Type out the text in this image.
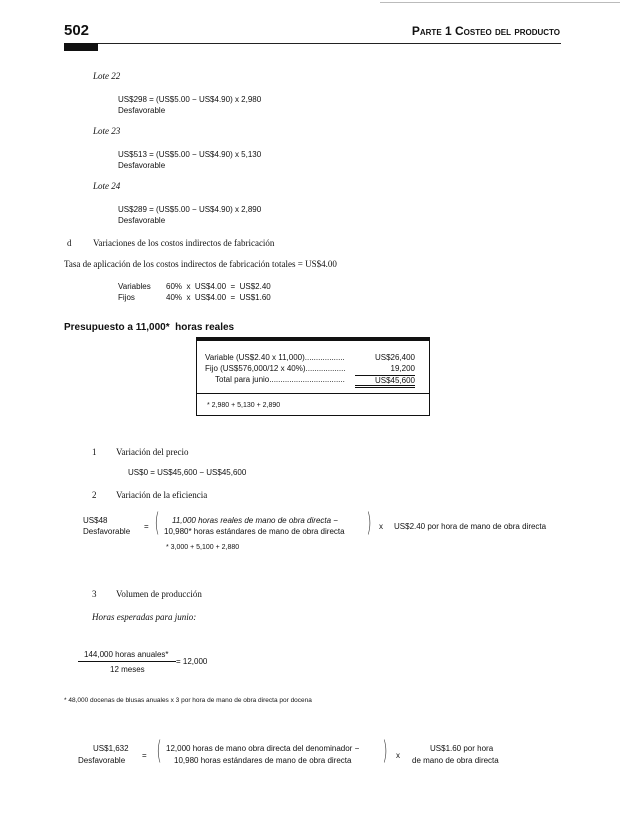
502	Parte 1 Costeo del producto
Lote 22
US$298 = (US$5.00 − US$4.90) x 2,980
Desfavorable
Lote 23
US$513 = (US$5.00 − US$4.90) x 5,130
Desfavorable
Lote 24
US$289 = (US$5.00 − US$4.90) x 2,890
Desfavorable
d Variaciones de los costos indirectos de fabricación
Tasa de aplicación de los costos indirectos de fabricación totales = US$4.00
Variables 60%  x  US$4.00  =  US$2.40
Fijos	40%  x  US$4.00  =  US$1.60
Presupuesto a 11,000*  horas reales
Variable (US$2.40 x 11,000)..................	US$26,400
Fijo (US$576,000/12 x 40%)..................	19,200
Total para junio..................................	US$45,600
* 2,980 + 5,130 + 2,890
1 Variación del precio
US$0 = US$45,600 − US$45,600
2 Variación de la eficiencia
US$48
Desfavorable
= ( 11,000 horas reales de mano de obra directa −
10,980* horas estándares de mano de obra directa ) x US$2.40 por hora de mano de obra directa
* 3,000 + 5,100 + 2,880
3 Volumen de producción
Horas esperadas para junio:
144,000 horas anuales*
12 meses
= 12,000
* 48,000 docenas de blusas anuales x 3 por hora de mano de obra directa por docena
US$1,632
Desfavorable
= ( 12,000 horas de mano obra directa del denominador −
10,980 horas estándares de mano de obra directa ) x
US$1.60 por hora
de mano de obra directa
